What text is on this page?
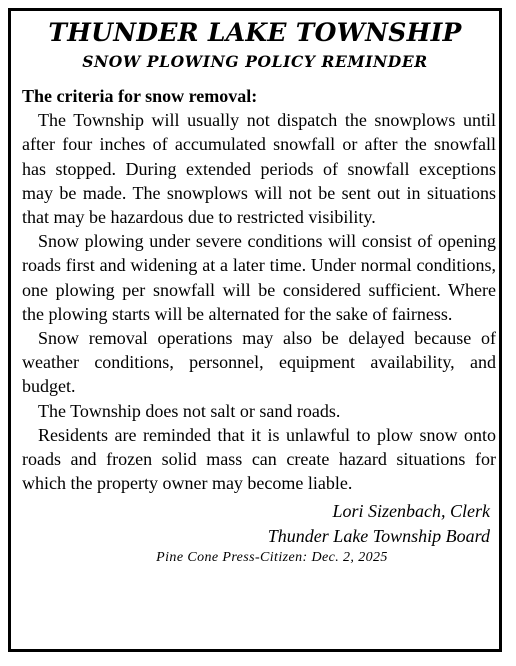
THUNDER LAKE TOWNSHIP
SNOW PLOWING POLICY REMINDER

The criteria for snow removal:

The Township will usually not dispatch the snowplows until after four inches of accumulated snowfall or after the snowfall has stopped. During extended periods of snowfall exceptions may be made. The snowplows will not be sent out in situations that may be hazardous due to restricted visibility.

Snow plowing under severe conditions will consist of opening roads first and widening at a later time. Under normal conditions, one plowing per snowfall will be considered sufficient. Where the plowing starts will be alternated for the sake of fairness.

Snow removal operations may also be delayed because of weather conditions, personnel, equipment availability, and budget.

The Township does not salt or sand roads.

Residents are reminded that it is unlawful to plow snow onto roads and frozen solid mass can create hazard situations for which the property owner may become liable.

Lori Sizenbach, Clerk

Thunder Lake Township Board

Pine Cone Press-Citizen: Dec. 2, 2025
